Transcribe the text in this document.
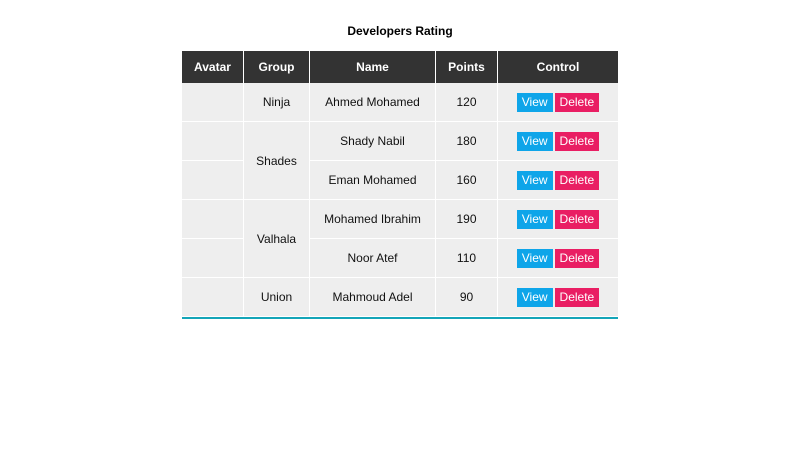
Developers Rating
Avatar	Group	Name	Points	Control
	Ninja	Ahmed Mohamed	120	View Delete
	Shades	Shady Nabil	180	View Delete
		Eman Mohamed	160	View Delete
	Valhala	Mohamed Ibrahim	190	View Delete
		Noor Atef	110	View Delete
	Union	Mahmoud Adel	90	View Delete
